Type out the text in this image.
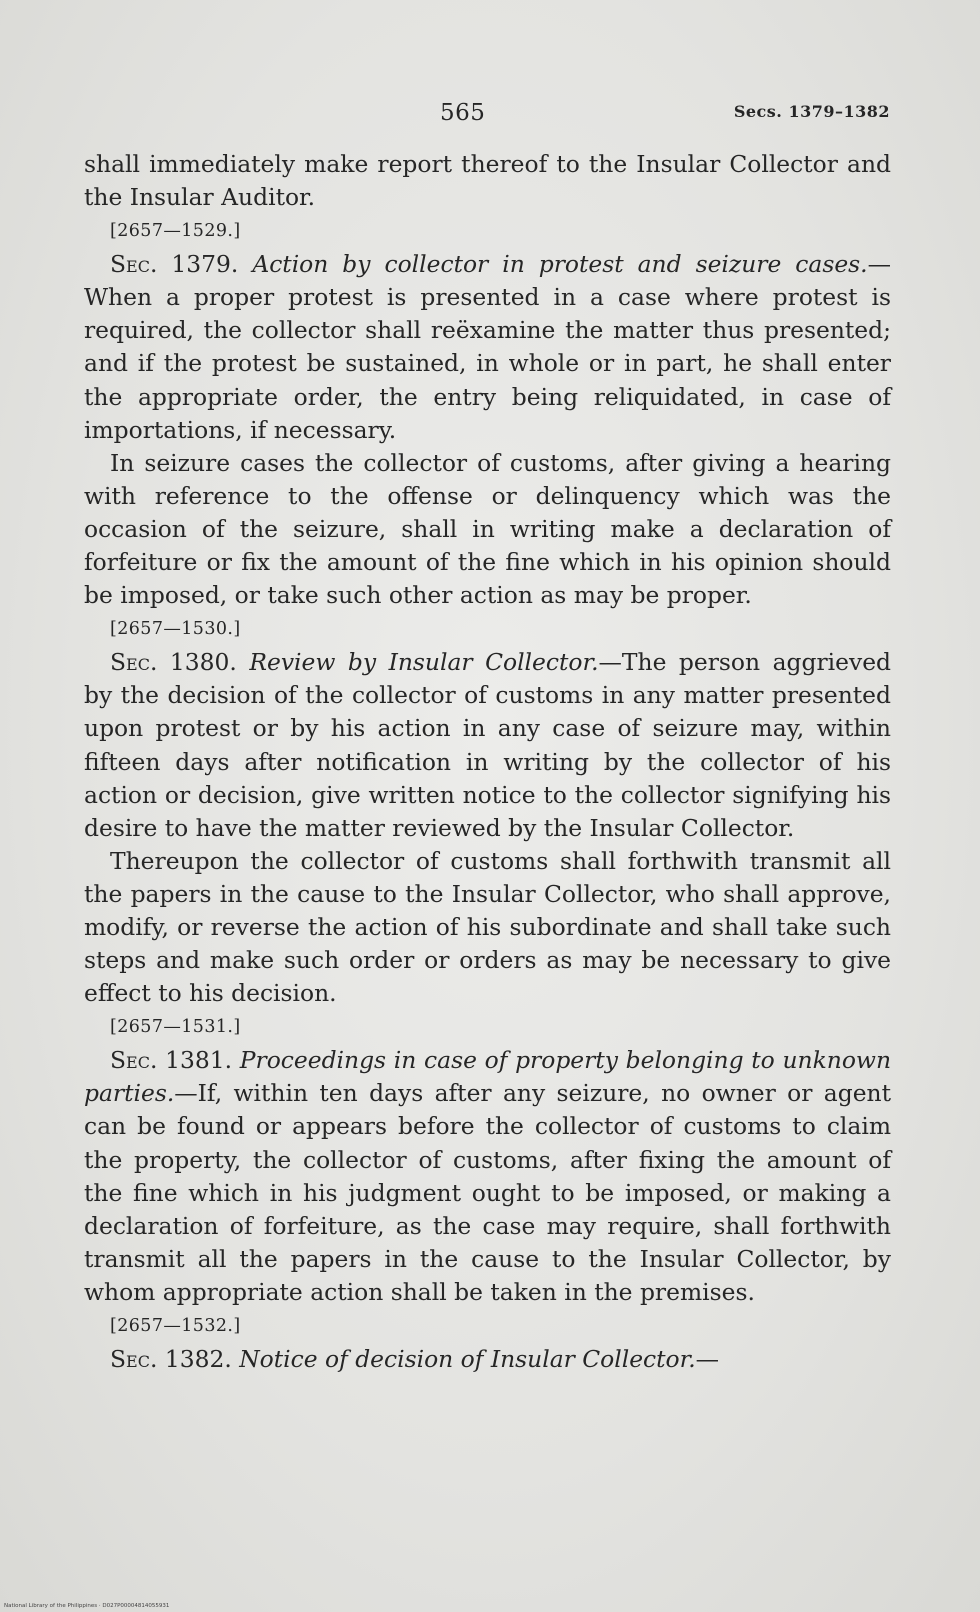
565	Secs. 1379–1382

shall immediately make report thereof to the Insular Collector and the Insular Auditor.

[2657—1529.]

Sec. 1379. Action by collector in protest and seizure cases.—When a proper protest is presented in a case where protest is required, the collector shall reëxamine the matter thus presented; and if the protest be sustained, in whole or in part, he shall enter the appropriate order, the entry being reliquidated, in case of importations, if necessary.

In seizure cases the collector of customs, after giving a hearing with reference to the offense or delinquency which was the occasion of the seizure, shall in writing make a declaration of forfeiture or fix the amount of the fine which in his opinion should be imposed, or take such other action as may be proper.

[2657—1530.]

Sec. 1380. Review by Insular Collector.—The person aggrieved by the decision of the collector of customs in any matter presented upon protest or by his action in any case of seizure may, within fifteen days after notification in writing by the collector of his action or decision, give written notice to the collector signifying his desire to have the matter reviewed by the Insular Collector.

Thereupon the collector of customs shall forthwith transmit all the papers in the cause to the Insular Collector, who shall approve, modify, or reverse the action of his subordinate and shall take such steps and make such order or orders as may be necessary to give effect to his decision.

[2657—1531.]

Sec. 1381. Proceedings in case of property belonging to unknown parties.—If, within ten days after any seizure, no owner or agent can be found or appears before the collector of customs to claim the property, the collector of customs, after fixing the amount of the fine which in his judgment ought to be imposed, or making a declaration of forfeiture, as the case may require, shall forthwith transmit all the papers in the cause to the Insular Collector, by whom appropriate action shall be taken in the premises.

[2657—1532.]

Sec. 1382. Notice of decision of Insular Collector.—

National Library of the Philippines · D027P00004814055931
